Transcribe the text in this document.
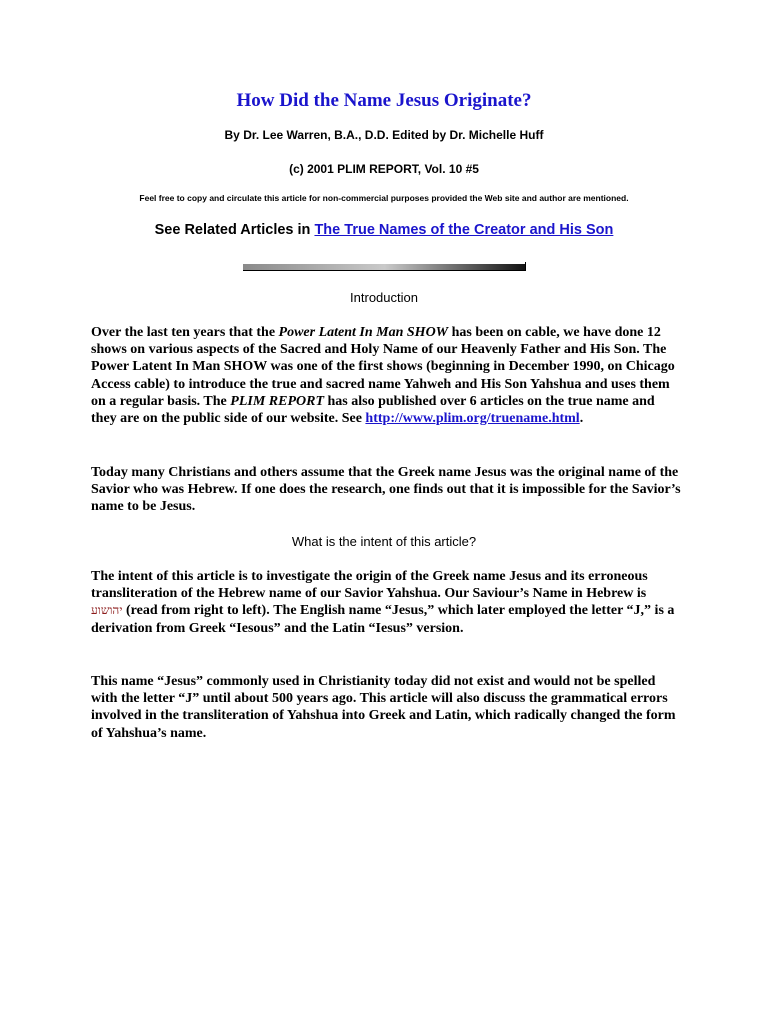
How Did the Name Jesus Originate?
By Dr. Lee Warren, B.A., D.D. Edited by Dr. Michelle Huff
(c) 2001 PLIM REPORT, Vol. 10 #5
Feel free to copy and circulate this article for non-commercial purposes provided the Web site and author are mentioned.
See Related Articles in The True Names of the Creator and His Son
Introduction
Over the last ten years that the Power Latent In Man SHOW has been on cable, we have done 12 shows on various aspects of the Sacred and Holy Name of our Heavenly Father and His Son. The Power Latent In Man SHOW was one of the first shows (beginning in December 1990, on Chicago Access cable) to introduce the true and sacred name Yahweh and His Son Yahshua and uses them on a regular basis. The PLIM REPORT has also published over 6 articles on the true name and they are on the public side of our website. See http://www.plim.org/truename.html.
Today many Christians and others assume that the Greek name Jesus was the original name of the Savior who was Hebrew. If one does the research, one finds out that it is impossible for the Savior’s name to be Jesus.
What is the intent of this article?
The intent of this article is to investigate the origin of the Greek name Jesus and its erroneous transliteration of the Hebrew name of our Savior Yahshua. Our Saviour’s Name in Hebrew is יהושוע (read from right to left). The English name “Jesus,” which later employed the letter “J,” is a derivation from Greek “Iesous” and the Latin “Iesus” version.
This name “Jesus” commonly used in Christianity today did not exist and would not be spelled with the letter “J” until about 500 years ago. This article will also discuss the grammatical errors involved in the transliteration of Yahshua into Greek and Latin, which radically changed the form of Yahshua’s name.
